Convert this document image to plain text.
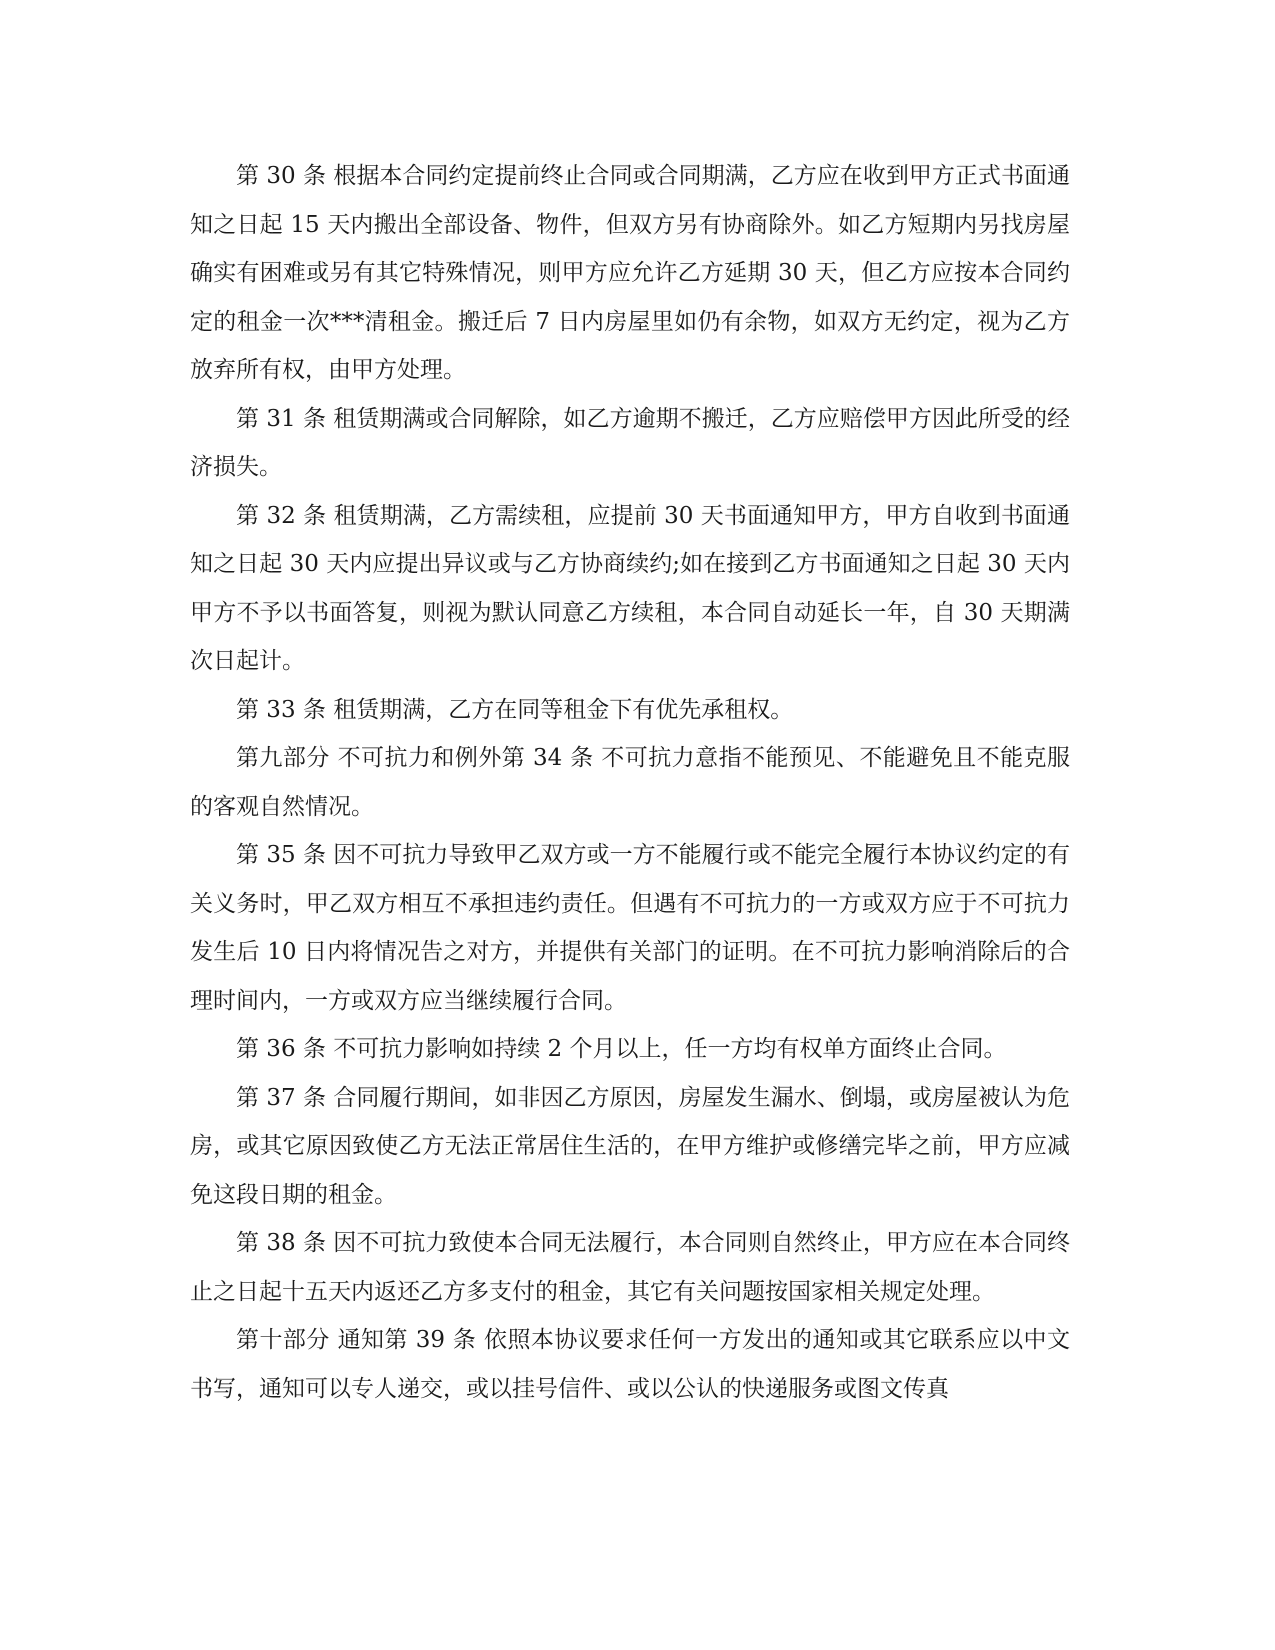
第 30 条 根据本合同约定提前终止合同或合同期满，乙方应在收到甲方正式书面通知之日起 15 天内搬出全部设备、物件，但双方另有协商除外。如乙方短期内另找房屋确实有困难或另有其它特殊情况，则甲方应允许乙方延期 30 天，但乙方应按本合同约定的租金一次***清租金。搬迁后 7 日内房屋里如仍有余物，如双方无约定，视为乙方放弃所有权，由甲方处理。

第 31 条 租赁期满或合同解除，如乙方逾期不搬迁，乙方应赔偿甲方因此所受的经济损失。

第 32 条 租赁期满，乙方需续租，应提前 30 天书面通知甲方，甲方自收到书面通知之日起 30 天内应提出异议或与乙方协商续约;如在接到乙方书面通知之日起 30 天内甲方不予以书面答复，则视为默认同意乙方续租，本合同自动延长一年，自 30 天期满次日起计。

第 33 条 租赁期满，乙方在同等租金下有优先承租权。

第九部分 不可抗力和例外第 34 条 不可抗力意指不能预见、不能避免且不能克服的客观自然情况。

第 35 条 因不可抗力导致甲乙双方或一方不能履行或不能完全履行本协议约定的有关义务时，甲乙双方相互不承担违约责任。但遇有不可抗力的一方或双方应于不可抗力发生后 10 日内将情况告之对方，并提供有关部门的证明。在不可抗力影响消除后的合理时间内，一方或双方应当继续履行合同。

第 36 条 不可抗力影响如持续 2 个月以上，任一方均有权单方面终止合同。

第 37 条 合同履行期间，如非因乙方原因，房屋发生漏水、倒塌，或房屋被认为危房，或其它原因致使乙方无法正常居住生活的，在甲方维护或修缮完毕之前，甲方应减免这段日期的租金。

第 38 条 因不可抗力致使本合同无法履行，本合同则自然终止，甲方应在本合同终止之日起十五天内返还乙方多支付的租金，其它有关问题按国家相关规定处理。

第十部分 通知第 39 条 依照本协议要求任何一方发出的通知或其它联系应以中文书写，通知可以专人递交，或以挂号信件、或以公认的快递服务或图文传真
